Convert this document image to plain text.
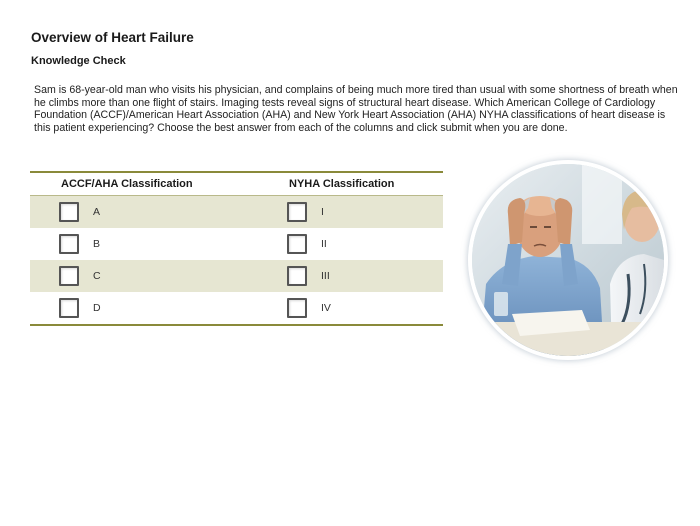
Overview of Heart Failure
Knowledge Check
Sam is 68-year-old man who visits his physician, and complains of being much more tired than usual with some shortness of breath when he climbs more than one flight of stairs. Imaging tests reveal signs of structural heart disease. Which American College of Cardiology Foundation (ACCF)/American Heart Association (AHA) and New York Heart Association (AHA) NYHA classifications of heart disease is this patient experiencing? Choose the best answer from each of the columns and click submit when you are done.
ACCF/AHA Classification	NYHA Classification
A	I
B	II
C	III
D	IV
